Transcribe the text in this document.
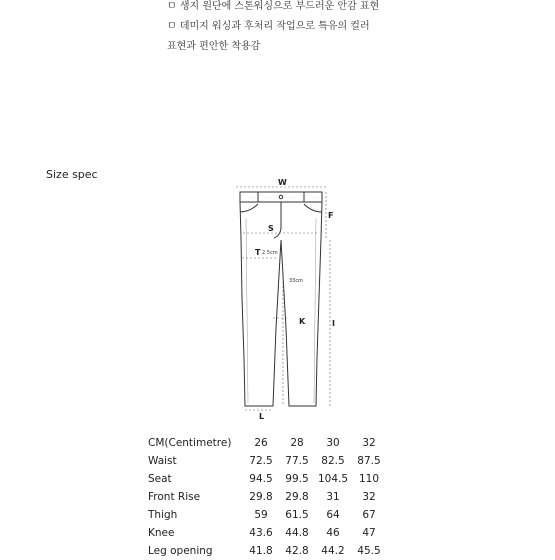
ㅁ 생지 원단에 스톤워싱으로 부드러운 안감 표현
ㅁ 데미지 워싱과 후처리 작업으로 특유의 컬러
표현과 편안한 착용감
Size spec
W
F
S
T
K	I
L
2.5cm
33cm
CM(Centimetre)	26	28	30	32
Waist	72.5	77.5	82.5	87.5
Seat	94.5	99.5	104.5	110
Front Rise	29.8	29.8	31	32
Thigh	59	61.5	64	67
Knee	43.6	44.8	46	47
Leg opening	41.8	42.8	44.2	45.5
